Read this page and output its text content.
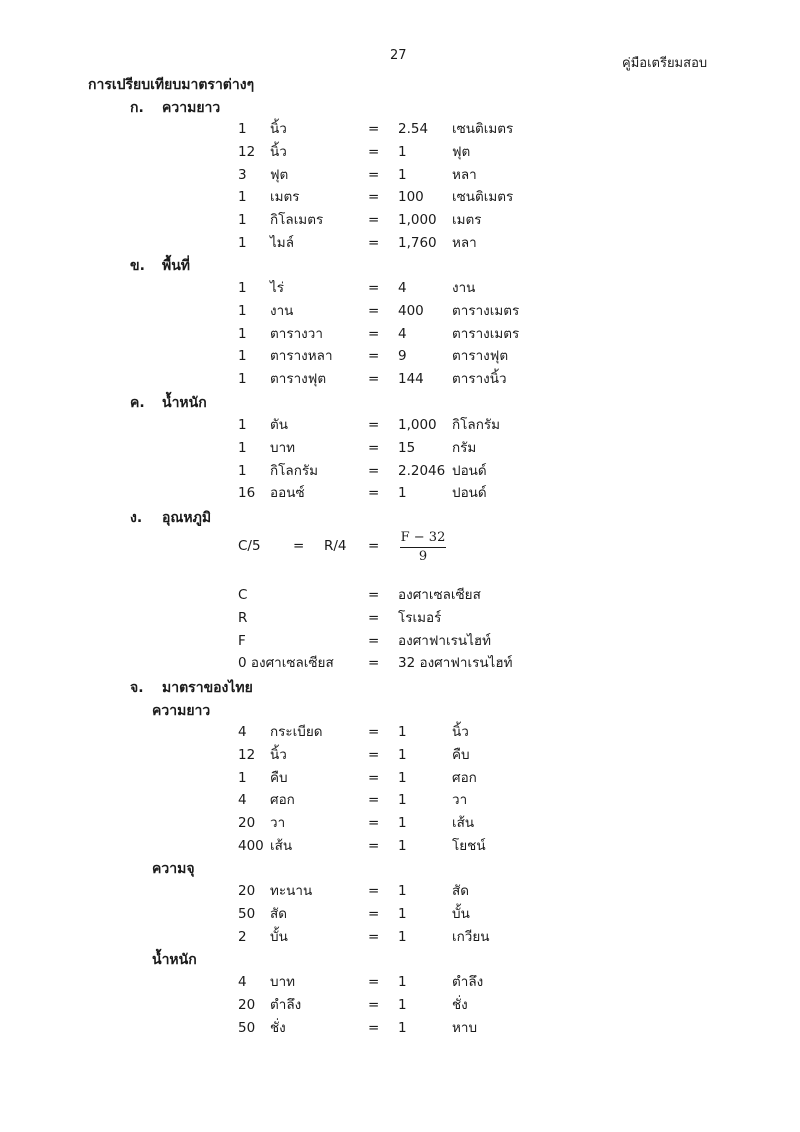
27
คู่มือเตรียมสอบ
การเปรียบเทียบมาตราต่างๆ
ก. ความยาว
1 นิ้ว	= 2.54 เซนติเมตร
12 นิ้ว	= 1	ฟุต
3 ฟุต	= 1	หลา
1 เมตร	= 100 เซนติเมตร
1 กิโลเมตร	= 1,000 เมตร
1 ไมล์	= 1,760 หลา
ข. พื้นที่
1 ไร่	= 4	งาน
1 งาน	= 400 ตารางเมตร
1 ตารางวา	= 4	ตารางเมตร
1 ตารางหลา	= 9	ตารางฟุต
1 ตารางฟุต	= 144 ตารางนิ้ว
ค. น้ำหนัก
1 ตัน	= 1,000 กิโลกรัม
1 บาท	= 15	กรัม
1 กิโลกรัม	= 2.2046 ปอนด์
16 ออนซ์	= 1	ปอนด์
ง. อุณหภูมิ
C/5 = R/4 =
F − 32
9
C	= องศาเซลเซียส
R	= โรเมอร์
F	= องศาฟาเรนไฮท์
0 องศาเซลเซียส	= 32 องศาฟาเรนไฮท์
จ. มาตราของไทย
ความยาว
4 กระเบียด	= 1	นิ้ว
12 นิ้ว	= 1	คืบ
1 คืบ	= 1	ศอก
4 ศอก	= 1	วา
20 วา	= 1	เส้น
400 เส้น	= 1	โยชน์
ความจุ
20 ทะนาน	= 1	สัด
50 สัด	= 1	บั้น
2 บั้น	= 1	เกวียน
น้ำหนัก
4 บาท	= 1	ตำลึง
20 ตำลึง	= 1	ชั่ง
50 ชั่ง	= 1	หาบ
